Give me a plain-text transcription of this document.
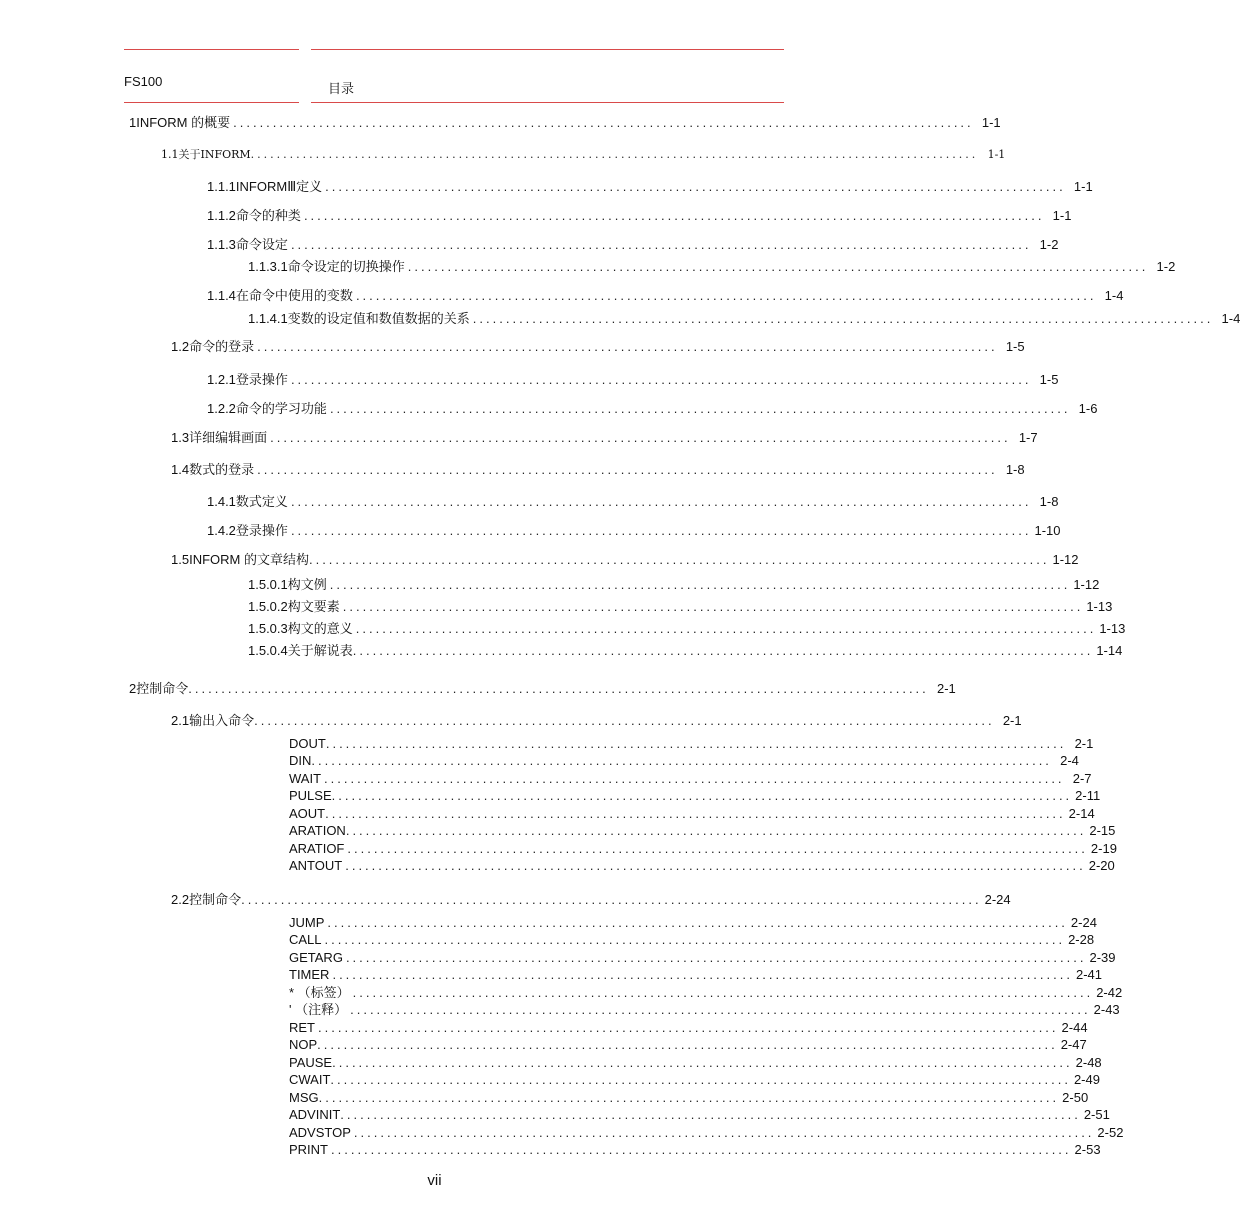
FS100	目录
1 INFORM 的概要 ................................................................................................................ 1-1
1.1 关于INFORM ................................................................................................................ 1-1
1.1.1 INFORMⅢ定义 ................................................................................................................ 1-1
1.1.2 命令的种类 ................................................................................................................ 1-1
1.1.3 命令设定 ................................................................................................................ 1-2
1.1.3.1 命令设定的切换操作 ................................................................................................................ 1-2
1.1.4 在命令中使用的变数 ................................................................................................................ 1-4
1.1.4.1 变数的设定值和数值数据的关系 ................................................................................................................ 1-4
1.2 命令的登录 ................................................................................................................ 1-5
1.2.1 登录操作 ................................................................................................................ 1-5
1.2.2 命令的学习功能 ................................................................................................................ 1-6
1.3 详细编辑画面 ................................................................................................................ 1-7
1.4 数式的登录 ................................................................................................................ 1-8
1.4.1 数式定义 ................................................................................................................ 1-8
1.4.2 登录操作 ................................................................................................................ 1-10
1.5 INFORM 的文章结构 ................................................................................................................ 1-12
1.5.0.1 构文例 ................................................................................................................ 1-12
1.5.0.2 构文要素 ................................................................................................................ 1-13
1.5.0.3 构文的意义 ................................................................................................................ 1-13
1.5.0.4 关于解说表 ................................................................................................................ 1-14
2 控制命令 ................................................................................................................ 2-1
2.1 输出入命令 ................................................................................................................ 2-1
DOUT ................................................................................................................ 2-1
DIN ................................................................................................................ 2-4
WAIT ................................................................................................................ 2-7
PULSE ................................................................................................................ 2-11
AOUT ................................................................................................................ 2-14
ARATION ................................................................................................................ 2-15
ARATIOF ................................................................................................................ 2-19
ANTOUT ................................................................................................................ 2-20
2.2 控制命令 ................................................................................................................ 2-24
JUMP ................................................................................................................ 2-24
CALL ................................................................................................................ 2-28
GETARG ................................................................................................................ 2-39
TIMER ................................................................................................................ 2-41
* （标签） ................................................................................................................ 2-42
' （注释） ................................................................................................................ 2-43
RET ................................................................................................................ 2-44
NOP ................................................................................................................ 2-47
PAUSE ................................................................................................................ 2-48
CWAIT ................................................................................................................ 2-49
MSG ................................................................................................................ 2-50
ADVINIT ................................................................................................................ 2-51
ADVSTOP ................................................................................................................ 2-52
PRINT ................................................................................................................ 2-53
vii
